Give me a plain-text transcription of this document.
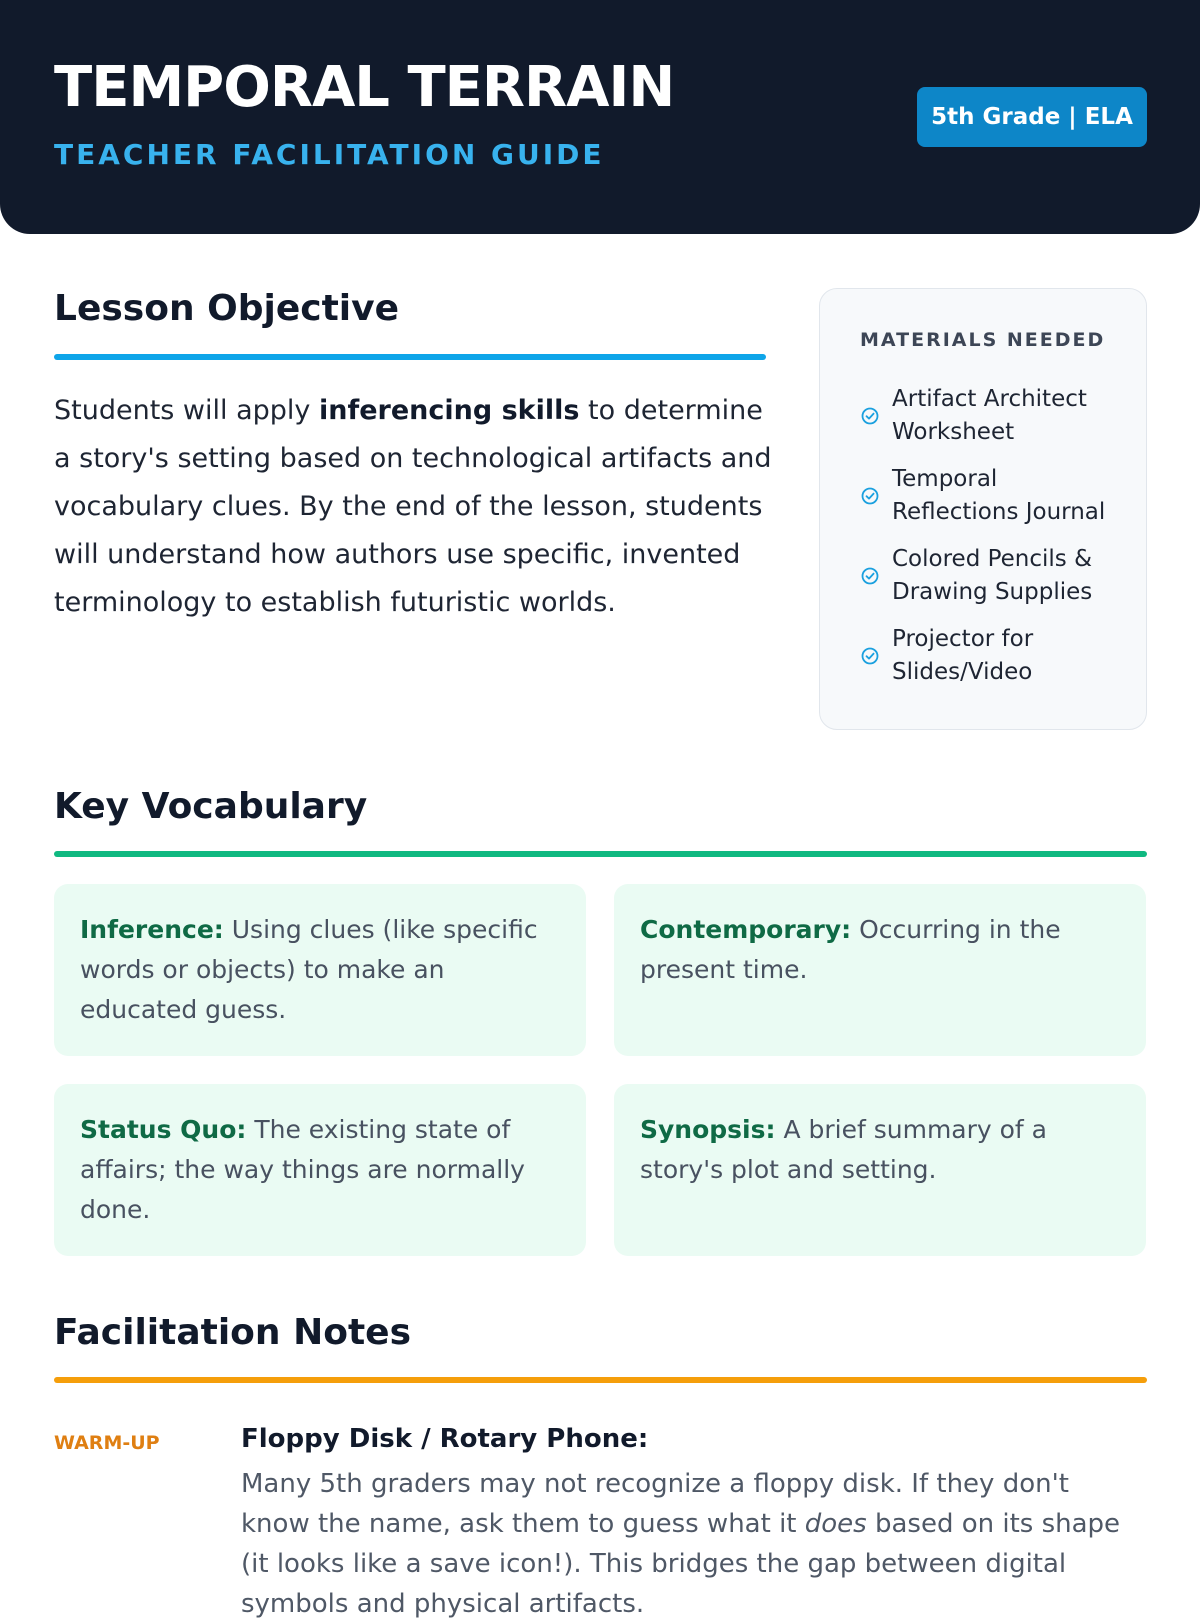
TEMPORAL TERRAIN
TEACHER FACILITATION GUIDE
5th Grade | ELA
Lesson Objective
Students will apply inferencing skills to determine a story's setting based on technological artifacts and vocabulary clues. By the end of the lesson, students will understand how authors use specific, invented terminology to establish futuristic worlds.
MATERIALS NEEDED
Artifact Architect Worksheet
Temporal Reflections Journal
Colored Pencils & Drawing Supplies
Projector for Slides/Video
Key Vocabulary
Inference: Using clues (like specific words or objects) to make an educated guess.
Contemporary: Occurring in the present time.
Status Quo: The existing state of affairs; the way things are normally done.
Synopsis: A brief summary of a story's plot and setting.
Facilitation Notes
WARM-UP	Floppy Disk / Rotary Phone:
Many 5th graders may not recognize a floppy disk. If they don't know the name, ask them to guess what it does based on its shape (it looks like a save icon!). This bridges the gap between digital symbols and physical artifacts.
